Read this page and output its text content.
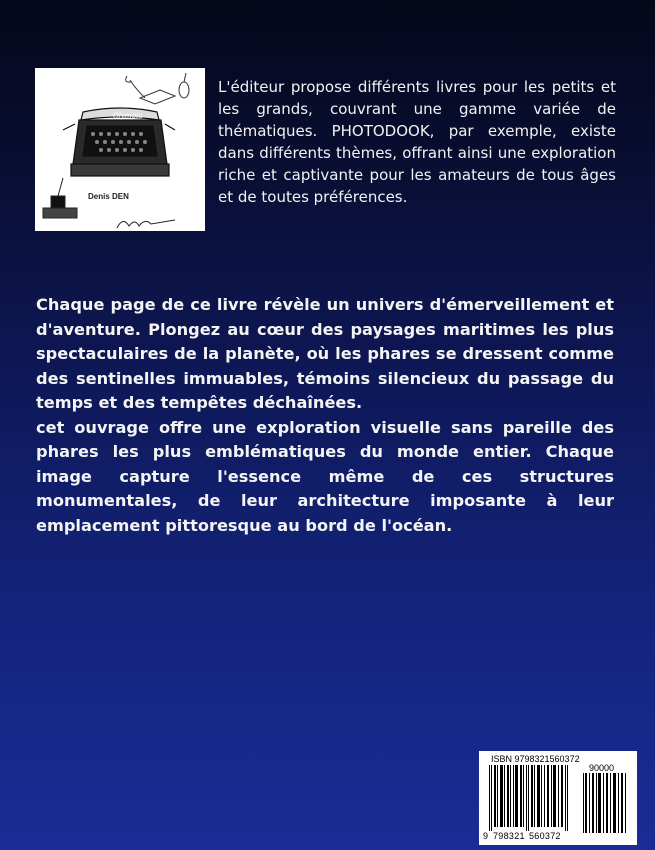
Olympia
Denis DEN
L'éditeur propose différents livres pour les petits et les grands, couvrant une gamme variée de thématiques. PHOTODOOK, par exemple, existe dans différents thèmes, offrant ainsi une exploration riche et captivante pour les amateurs de tous âges et de toutes préférences.

Chaque page de ce livre révèle un univers d'émerveillement et d'aventure. Plongez au cœur des paysages maritimes les plus spectaculaires de la planète, où les phares se dressent comme des sentinelles immuables, témoins silencieux du passage du temps et des tempêtes déchaînées.

cet ouvrage offre une exploration visuelle sans pareille des phares les plus emblématiques du monde entier. Chaque image capture l'essence même de ces structures monumentales, de leur architecture imposante à leur emplacement pittoresque au bord de l'océan.

ISBN 9798321560372
90000
9 798321 560372
